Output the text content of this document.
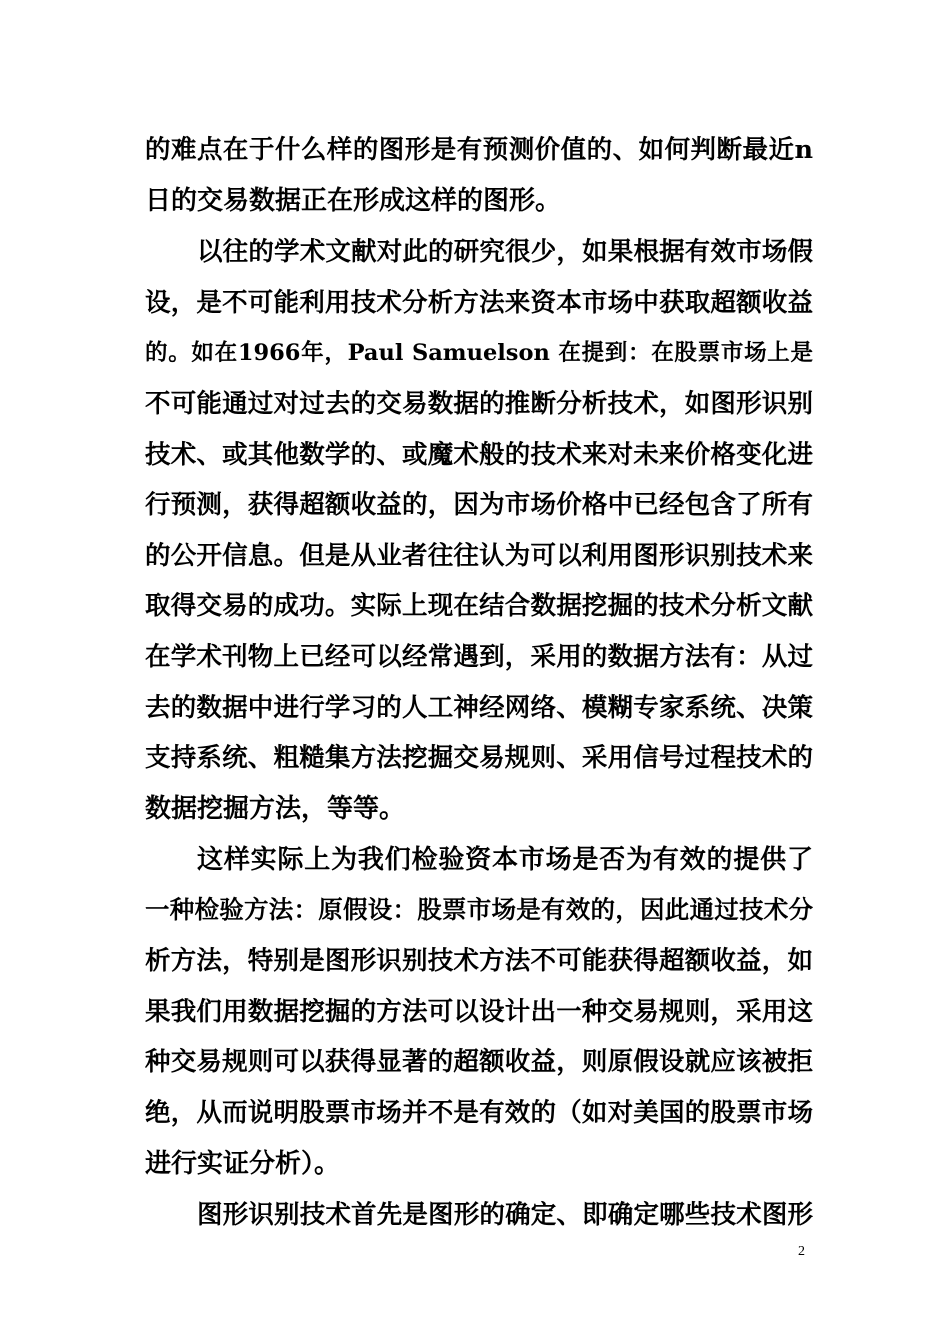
的难点在于什么样的图形是有预测价值的、如何判断最近n
日的交易数据正在形成这样的图形。
以往的学术文献对此的研究很少，如果根据有效市场假
设，是不可能利用技术分析方法来资本市场中获取超额收益
的。如在1966年，Paul Samuelson 在提到：在股票市场上是
不可能通过对过去的交易数据的推断分析技术，如图形识别
技术、或其他数学的、或魔术般的技术来对未来价格变化进
行预测，获得超额收益的，因为市场价格中已经包含了所有
的公开信息。但是从业者往往认为可以利用图形识别技术来
取得交易的成功。实际上现在结合数据挖掘的技术分析文献
在学术刊物上已经可以经常遇到，采用的数据方法有：从过
去的数据中进行学习的人工神经网络、模糊专家系统、决策
支持系统、粗糙集方法挖掘交易规则、采用信号过程技术的
数据挖掘方法，等等。
这样实际上为我们检验资本市场是否为有效的提供了
一种检验方法：原假设：股票市场是有效的，因此通过技术分
析方法，特别是图形识别技术方法不可能获得超额收益，如
果我们用数据挖掘的方法可以设计出一种交易规则，采用这
种交易规则可以获得显著的超额收益，则原假设就应该被拒
绝，从而说明股票市场并不是有效的（如对美国的股票市场
进行实证分析）。
图形识别技术首先是图形的确定、即确定哪些技术图形
2
